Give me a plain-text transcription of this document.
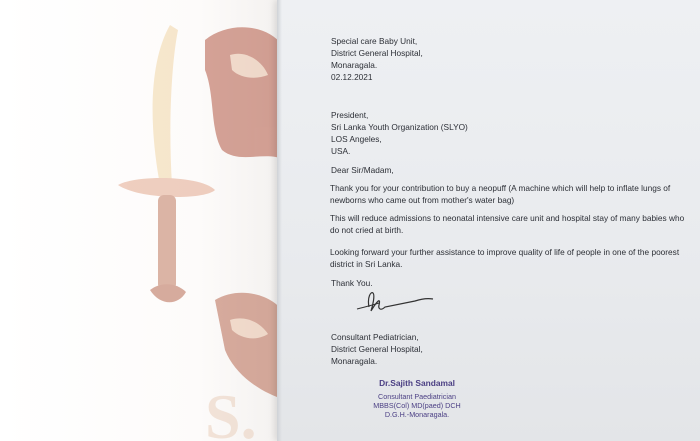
S.

Special care Baby Unit,

District General Hospital,

Monaragala.

02.12.2021

President,

Sri Lanka Youth Organization (SLYO)

LOS Angeles,

USA.

Dear Sir/Madam,

Thank you for your contribution to buy a neopuff (A machine which will help to inflate lungs of newborns who came out from mother's water bag)

This will reduce admissions to neonatal intensive care unit and hospital stay of many babies who do not cried at birth.

Looking forward your further assistance to improve quality of life of people in one of the poorest district in Sri Lanka.

Thank You.

Consultant Pediatrician,

District General Hospital,

Monaragala.

Dr.Sajith Sandamal

Consultant Paediatrician

MBBS(Col) MD(paed) DCH

D.G.H.-Monaragala.
